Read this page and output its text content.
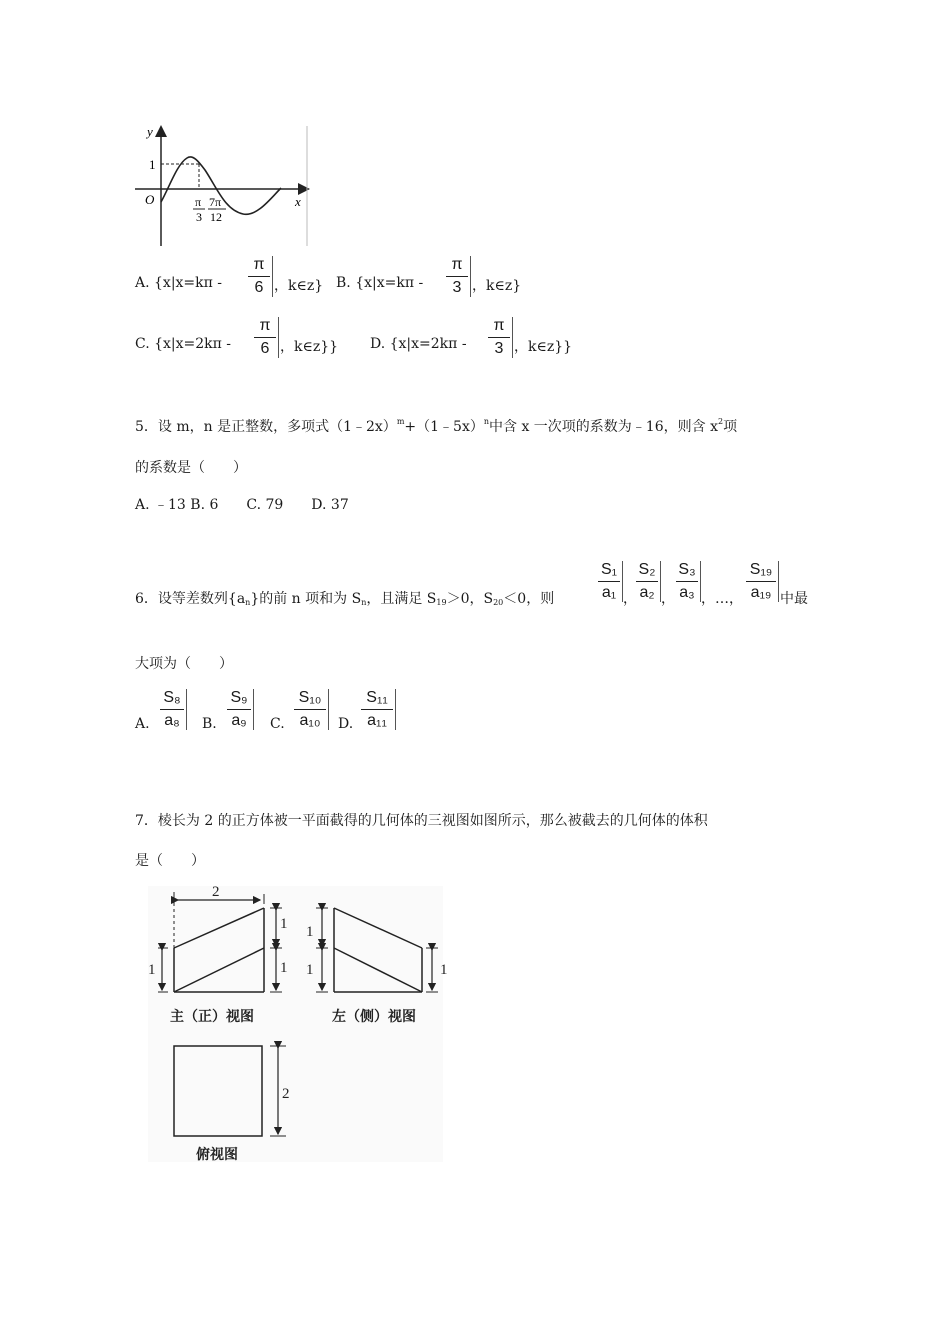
y
x
O
1
π
3
7π
12
A. {x|x=kπ -
π
6 ，k∈z} B. {x|x=kπ -
π
3 ，k∈z}
C. {x|x=2kπ -
π
6 ，k∈z}} D. {x|x=2kπ -
π
3 ，k∈z}}
5．设 m，n 是正整数，多项式（1﹣2x）$^m$+（1﹣5x）$^n$中含 x 一次项的系数为﹣16，则含 $x^2$项
的系数是（　　）
A. ﹣13 B. 6　　C. 79　　D. 37
6．设等差数列$\{a_n\}$的前 n 项和为 $S_n$，且满足 $S_{19}>0$，$S_{20}<0$，则
S₁
a₁ ，
S₂
a₂ ，
S₃
a₃ ，…，
S₁₉
a₁₉ 中最
大项为（　　）
A.
S₈
a₈	B.
S₉
a₉	C.
S₁₀
a₁₀	D.
S₁₁
a₁₁
7．棱长为 2 的正方体被一平面截得的几何体的三视图如图所示，那么被截去的几何体的体积
是（　　）
2
1
1
1
1
1	1
2
主（正）视图	左（侧）视图
俯视图
